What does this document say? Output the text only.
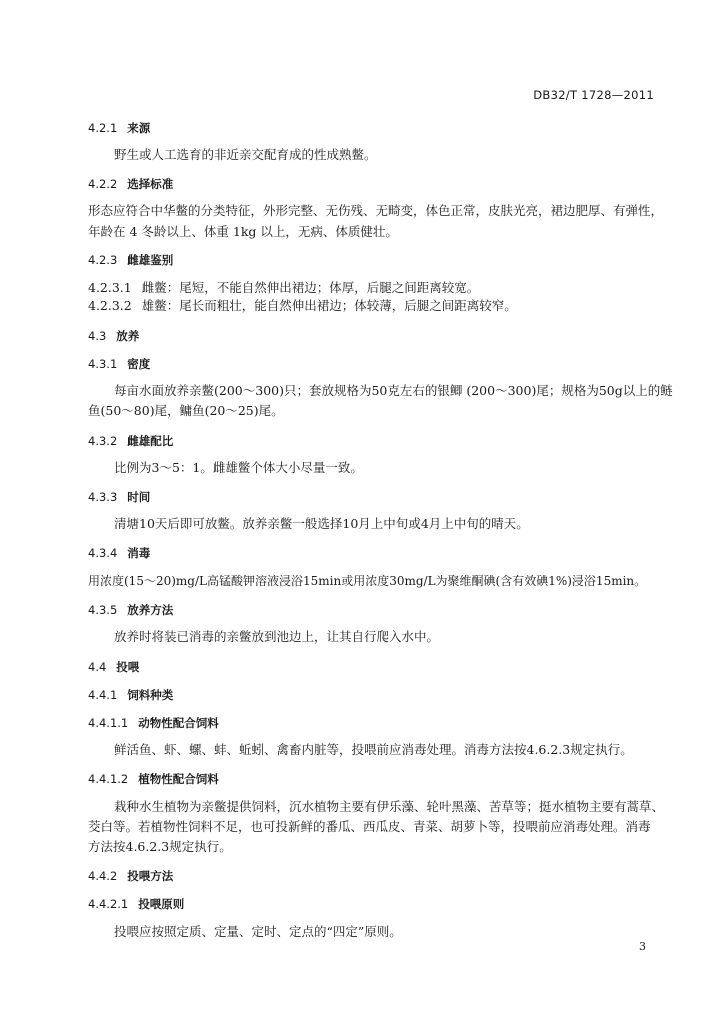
DB32/T 1728—2011
4.2.1 来源
野生或人工选育的非近亲交配育成的性成熟鳖。
4.2.2 选择标准
形态应符合中华鳖的分类特征，外形完整、无伤残、无畸变，体色正常，皮肤光亮，裙边肥厚、有弹性，
年龄在 4 冬龄以上、体重 1kg 以上，无病、体质健壮。
4.2.3 雌雄鉴别
4.2.3.1 雌鳖：尾短，不能自然伸出裙边；体厚，后腿之间距离较宽。
4.2.3.2 雄鳖：尾长而粗壮，能自然伸出裙边；体较薄，后腿之间距离较窄。
4.3 放养
4.3.1 密度
每亩水面放养亲鳖(200～300)只；套放规格为50克左右的银鲫 (200～300)尾；规格为50g以上的鲢
鱼(50～80)尾，鳙鱼(20～25)尾。
4.3.2 雌雄配比
比例为3～5：1。雌雄鳖个体大小尽量一致。
4.3.3 时间
清塘10天后即可放鳖。放养亲鳖一般选择10月上中旬或4月上中旬的晴天。
4.3.4 消毒
用浓度(15～20)mg/L高锰酸钾溶液浸浴15min或用浓度30mg/L为聚维酮碘(含有效碘1%)浸浴15min。
4.3.5 放养方法
放养时将装已消毒的亲鳖放到池边上，让其自行爬入水中。
4.4 投喂
4.4.1 饲料种类
4.4.1.1 动物性配合饲料
鲜活鱼、虾、螺、蚌、蚯蚓、禽畜内脏等，投喂前应消毒处理。消毒方法按4.6.2.3规定执行。
4.4.1.2 植物性配合饲料
栽种水生植物为亲鳖提供饲料，沉水植物主要有伊乐藻、轮叶黑藻、苦草等；挺水植物主要有蒿草、
茭白等。若植物性饲料不足，也可投新鲜的番瓜、西瓜皮、青菜、胡萝卜等，投喂前应消毒处理。消毒
方法按4.6.2.3规定执行。
4.4.2 投喂方法
4.4.2.1 投喂原则
投喂应按照定质、定量、定时、定点的“四定”原则。
3
